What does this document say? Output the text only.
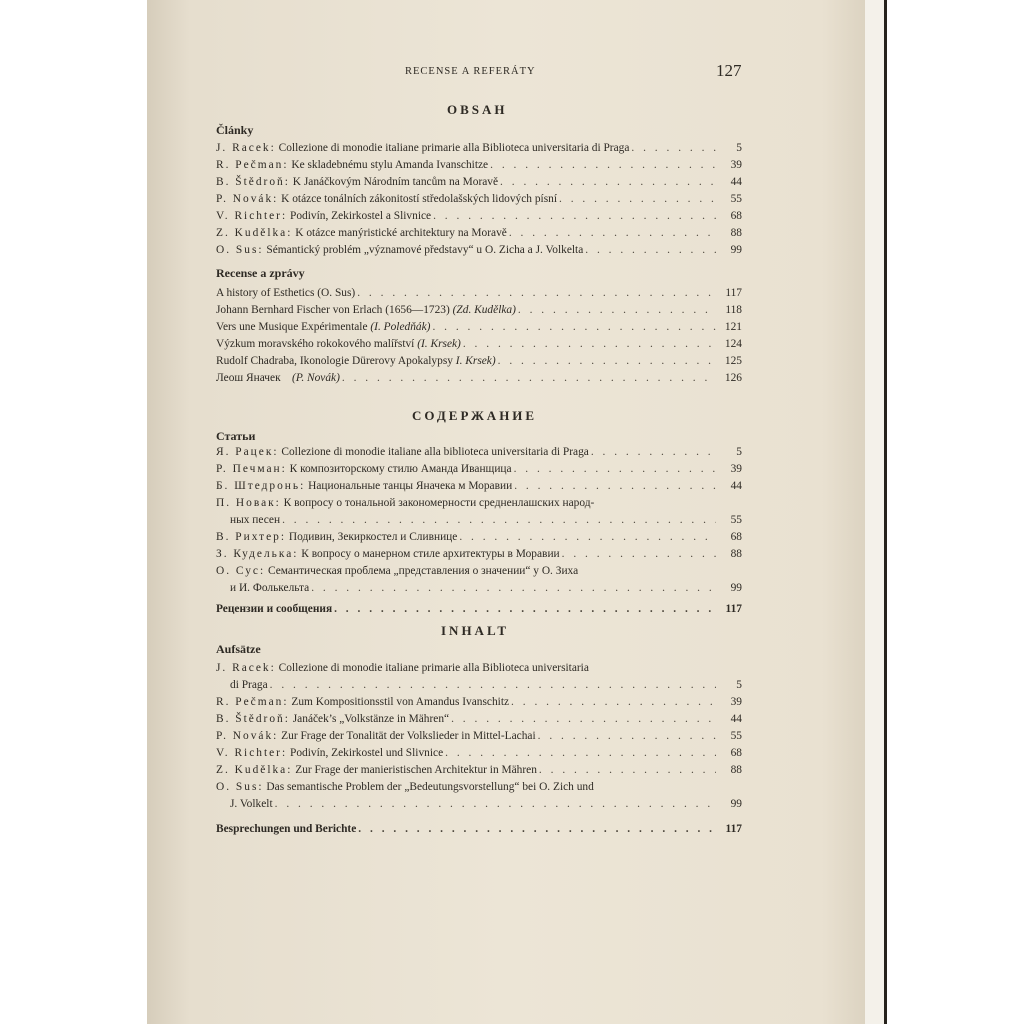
RECENSE A REFERÁTY	127
OBSAH
Články
J. Racek: Collezione di monodie italiane primarie alla Biblioteca universitaria di Praga . . .	5
R. Pečman: Ke skladebnému stylu Amanda Ivanschitze . . .	39
B. Štědroň: K Janáčkovým Národním tancům na Moravě . . .	44
P. Novák: K otázce tonálních zákonitostí středolašských lidových písní . . .	55
V. Richter: Podivín, Zekirkostel a Slivnice . . .	68
Z. Kudělka: K otázce manýristické architektury na Moravě . . .	88
O. Sus: Sémantický problém „významové představy“ u O. Zicha a J. Volkelta . . .	99
Recense a zprávy
A history of Esthetics (O. Sus) . . .	117
Johann Bernhard Fischer von Erlach (1656—1723) (Zd. Kudělka) . . .	118
Vers une Musique Expérimentale (I. Poledňák) . . .	121
Výzkum moravského rokokového malířství (I. Krsek) . . .	124
Rudolf Chadraba, Ikonologie Dürerovy Apokalypsy I. Krsek) . . .	125
Леош Яначек    (P. Novák) . . .	126
СОДЕРЖАНИЕ
Статьи
Я. Рацек: Collezione di monodie italiane alla biblioteca universitaria di Praga . . .	5
Р. Печман: К композиторскому стилю Аманда Иванщица . . .	39
Б. Штедронь: Национальные танцы Яначека м Моравии . . .	44
П. Новак: К вопросу о тональной закономерности средненлашских народ-
ных песен . . .	55
В. Рихтер: Подивин, Зекиркостел и Сливнице . . .	68
З. Куделька: К вопросу о манерном стиле архитектуры в Моравии . . .	88
О. Сус: Семантическая проблема „представления о значении“ у О. Зиха
и И. Фолькельта . . .	99
Рецензии и сообщения . . .	117
INHALT
Aufsätze
J. Racek: Collezione di monodie italiane primarie alla Biblioteca universitaria
di Praga . . .	5
R. Pečman: Zum Kompositionsstil von Amandus Ivanschitz . . .	39
B. Štědroň: Janáček’s „Volkstänze in Mähren“ . . .	44
P. Novák: Zur Frage der Tonalität der Volkslieder in Mittel-Lachai . . .	55
V. Richter: Podivín, Zekirkostel und Slivnice . . .	68
Z. Kudělka: Zur Frage der manieristischen Architektur in Mähren . . .	88
O. Sus: Das semantische Problem der „Bedeutungsvorstellung“ bei O. Zich und
J. Volkelt . . .	99
Besprechungen und Berichte . . .	117
